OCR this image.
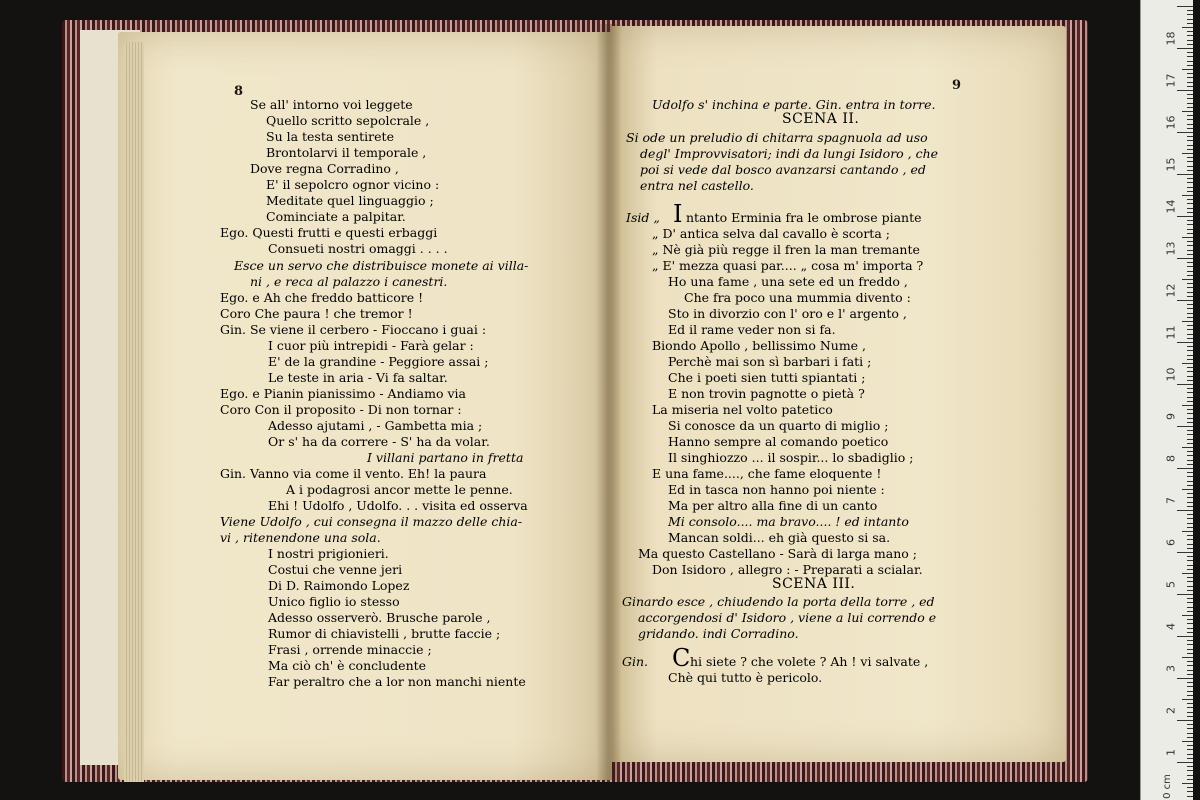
8	9
Se all' intorno voi leggete
Quello scritto sepolcrale ,
Su la testa sentirete
Brontolarvi il temporale ,
Dove regna Corradino ,
E' il sepolcro ognor vicino :
Meditate quel linguaggio ;
Cominciate a palpitar.
Ego. Questi frutti e questi erbaggi
Consueti nostri omaggi . . . .
Esce un servo che distribuisce monete ai villa-
ni , e reca al palazzo i canestri.
Ego. e Ah che freddo batticore !
Coro Che paura ! che tremor !
Gin. Se viene il cerbero - Fioccano i guai :
I cuor più intrepidi - Farà gelar :
E' de la grandine - Peggiore assai ;
Le teste in aria - Vi fa saltar.
Ego. e Pianin pianissimo - Andiamo via
Coro Con il proposito - Di non tornar :
Adesso ajutami , - Gambetta mia ;
Or s' ha da correre - S' ha da volar.
I villani partano in fretta
Gin. Vanno via come il vento. Eh! la paura
A i podagrosi ancor mette le penne.
Ehi ! Udolfo , Udolfo. . . visita ed osserva
Viene Udolfo , cui consegna il mazzo delle chia-
vi , ritenendone una sola.
I nostri prigionieri.
Costui che venne jeri
Di D. Raimondo Lopez
Unico figlio io stesso
Adesso osserverò. Brusche parole ,
Rumor di chiavistelli , brutte faccie ;
Frasi , orrende minaccie ;
Ma ciò ch' è concludente
Far peraltro che a lor non manchi niente
Udolfo s' inchina e parte. Gin. entra in torre.
SCENA II.
Si ode un preludio di chitarra spagnuola ad uso
degl' Improvvisatori; indi da lungi Isidoro , che
poi si vede dal bosco avanzarsi cantando , ed
entra nel castello.
Isid „ I ntanto Erminia fra le ombrose piante
„ D' antica selva dal cavallo è scorta ;
„ Nè già più regge il fren la man tremante
„ E' mezza quasi par.... „ cosa m' importa ?
Ho una fame , una sete ed un freddo ,
Che fra poco una mummia divento :
Sto in divorzio con l' oro e l' argento ,
Ed il rame veder non si fa.
Biondo Apollo , bellissimo Nume ,
Perchè mai son sì barbari i fati ;
Che i poeti sien tutti spiantati ;
E non trovin pagnotte o pietà ?
La miseria nel volto patetico
Si conosce da un quarto di miglio ;
Hanno sempre al comando poetico
Il singhiozzo ... il sospir... lo sbadiglio ;
E una fame...., che fame eloquente !
Ed in tasca non hanno poi niente :
Ma per altro alla fine di un canto
Mi consolo.... ma bravo.... ! ed intanto
Mancan soldi... eh già questo si sa.
Ma questo Castellano - Sarà di larga mano ;
Don Isidoro , allegro : - Preparati a scialar.
SCENA III.
Ginardo esce , chiudendo la porta della torre , ed
accorgendosi d' Isidoro , viene a lui correndo e
gridando. indi Corradino.
Gin. C hi siete ? che volete ? Ah ! vi salvate ,
Chè qui tutto è pericolo.
18
17
16
15
14
13
12
11
10
9
8
7
6
5
4
3
2
1
0 cm
